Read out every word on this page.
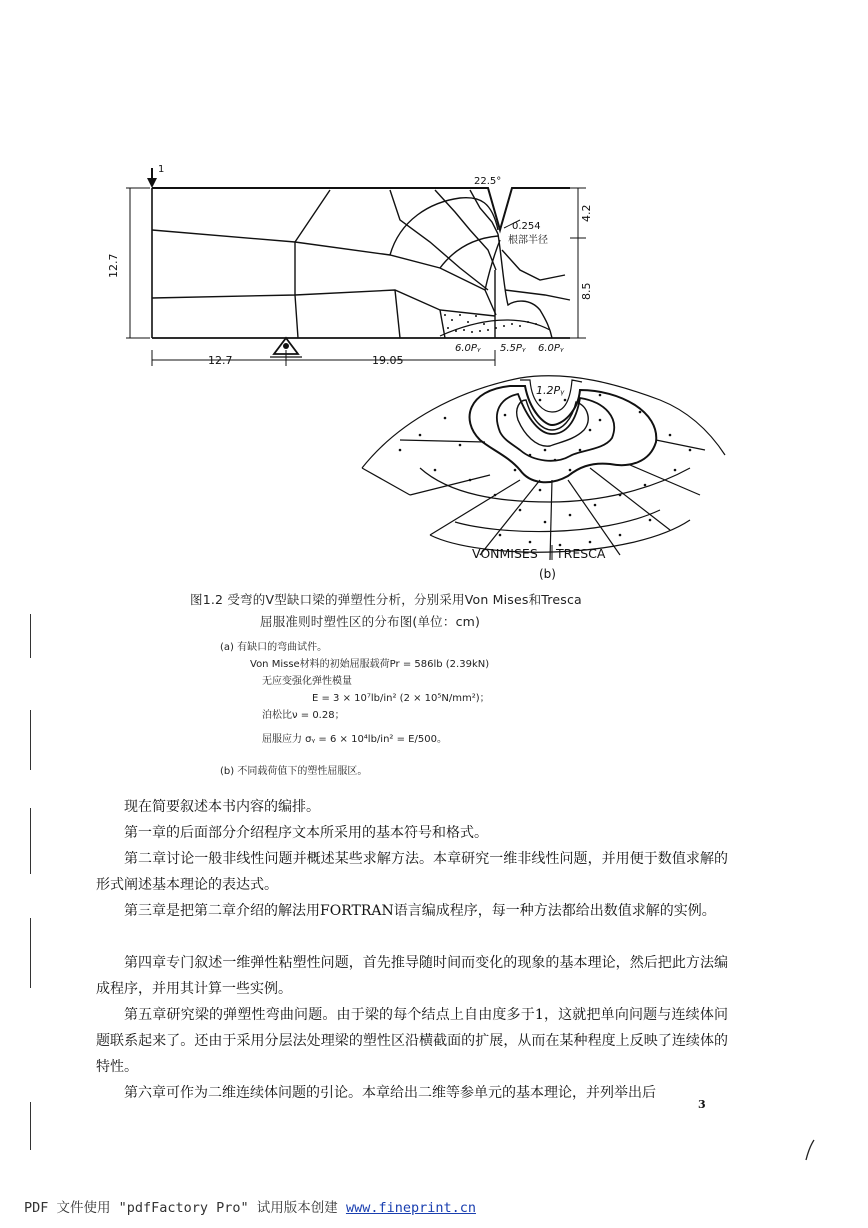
1
12.7
12.7	19.05
4.2
8.5
22.5°
0.254
根部半径
6.0Pᵧ 5.5Pᵧ 6.0Pᵧ
1.2Pᵧ
VONMISES TRESCA
(b)
图1.2 受弯的V型缺口梁的弹塑性分析，分别采用Von Mises和Tresca
屈服准则时塑性区的分布图(单位：cm)
(a) 有缺口的弯曲试件。
Von Misse材料的初始屈服载荷Pr = 586lb (2.39kN)
无应变强化弹性模量
E = 3 × 10⁷lb/in² (2 × 10⁵N/mm²)；
泊松比ν = 0.28；
屈服应力 σᵧ = 6 × 10⁴lb/in² = E/500。
(b) 不同载荷值下的塑性屈服区。

现在简要叙述本书内容的编排。

第一章的后面部分介绍程序文本所采用的基本符号和格式。

第二章讨论一般非线性问题并概述某些求解方法。本章研究一维非线性问题，并用便于数值求解的形式阐述基本理论的表达式。

第三章是把第二章介绍的解法用FORTRAN语言编成程序，每一种方法都给出数值求解的实例。

第四章专门叙述一维弹性粘塑性问题，首先推导随时间而变化的现象的基本理论，然后把此方法编成程序，并用其计算一些实例。

第五章研究梁的弹塑性弯曲问题。由于梁的每个结点上自由度多于1，这就把单向问题与连续体问题联系起来了。还由于采用分层法处理梁的塑性区沿横截面的扩展，从而在某种程度上反映了连续体的特性。

第六章可作为二维连续体问题的引论。本章给出二维等参单元的基本理论，并列举出后

3
PDF 文件使用 "pdfFactory Pro" 试用版本创建 www.fineprint.cn
